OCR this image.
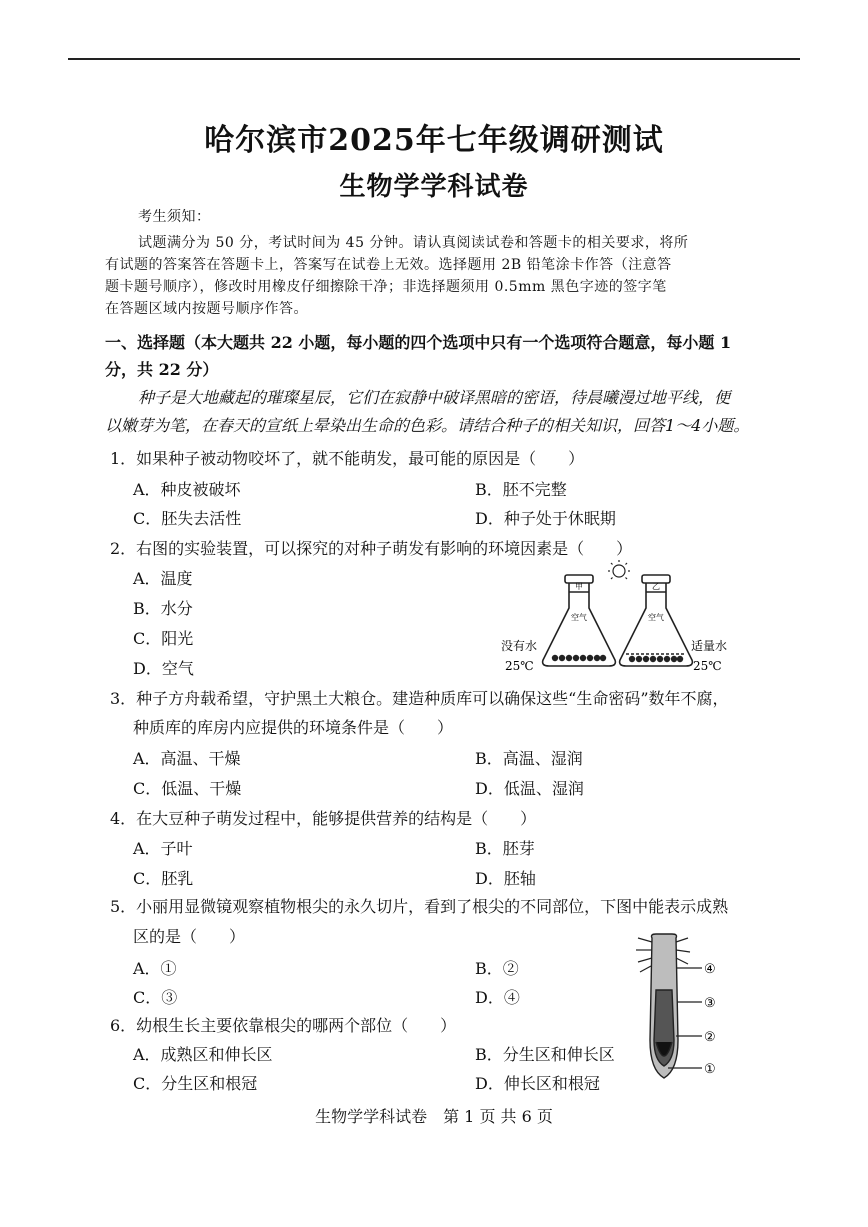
哈尔滨市2025年七年级调研测试
生物学学科试卷
考生须知：
试题满分为 50 分，考试时间为 45 分钟。请认真阅读试卷和答题卡的相关要求，将所
有试题的答案答在答题卡上，答案写在试卷上无效。选择题用 2B 铅笔涂卡作答（注意答
题卡题号顺序），修改时用橡皮仔细擦除干净；非选择题须用 0.5mm 黑色字迹的签字笔
在答题区域内按题号顺序作答。
一、选择题（本大题共 22 小题，每小题的四个选项中只有一个选项符合题意，每小题 1
分，共 22 分）
种子是大地藏起的璀璨星辰，它们在寂静中破译黑暗的密语，待晨曦漫过地平线，便
以嫩芽为笔，在春天的宣纸上晕染出生命的色彩。请结合种子的相关知识，回答1～4小题。
1．如果种子被动物咬坏了，就不能萌发，最可能的原因是（　　）
A．种皮被破坏	B．胚不完整
C．胚失去活性	D．种子处于休眠期
2．右图的实验装置，可以探究的对种子萌发有影响的环境因素是（　　）
A．温度
B．水分
C．阳光
D．空气
甲
空气
乙
空气
没有水
25℃
适量水
25℃
3．种子方舟载希望，守护黑土大粮仓。建造种质库可以确保这些“生命密码”数年不腐，
种质库的库房内应提供的环境条件是（　　）
A．高温、干燥	B．高温、湿润
C．低温、干燥	D．低温、湿润
4．在大豆种子萌发过程中，能够提供营养的结构是（　　）
A．子叶	B．胚芽
C．胚乳	D．胚轴
5．小丽用显微镜观察植物根尖的永久切片，看到了根尖的不同部位，下图中能表示成熟
区的是（　　）
A．①	B．②
C．③	D．④
④
③
②
①
6．幼根生长主要依靠根尖的哪两个部位（　　）
A．成熟区和伸长区	B．分生区和伸长区
C．分生区和根冠	D．伸长区和根冠
生物学学科试卷　第 1 页 共 6 页
